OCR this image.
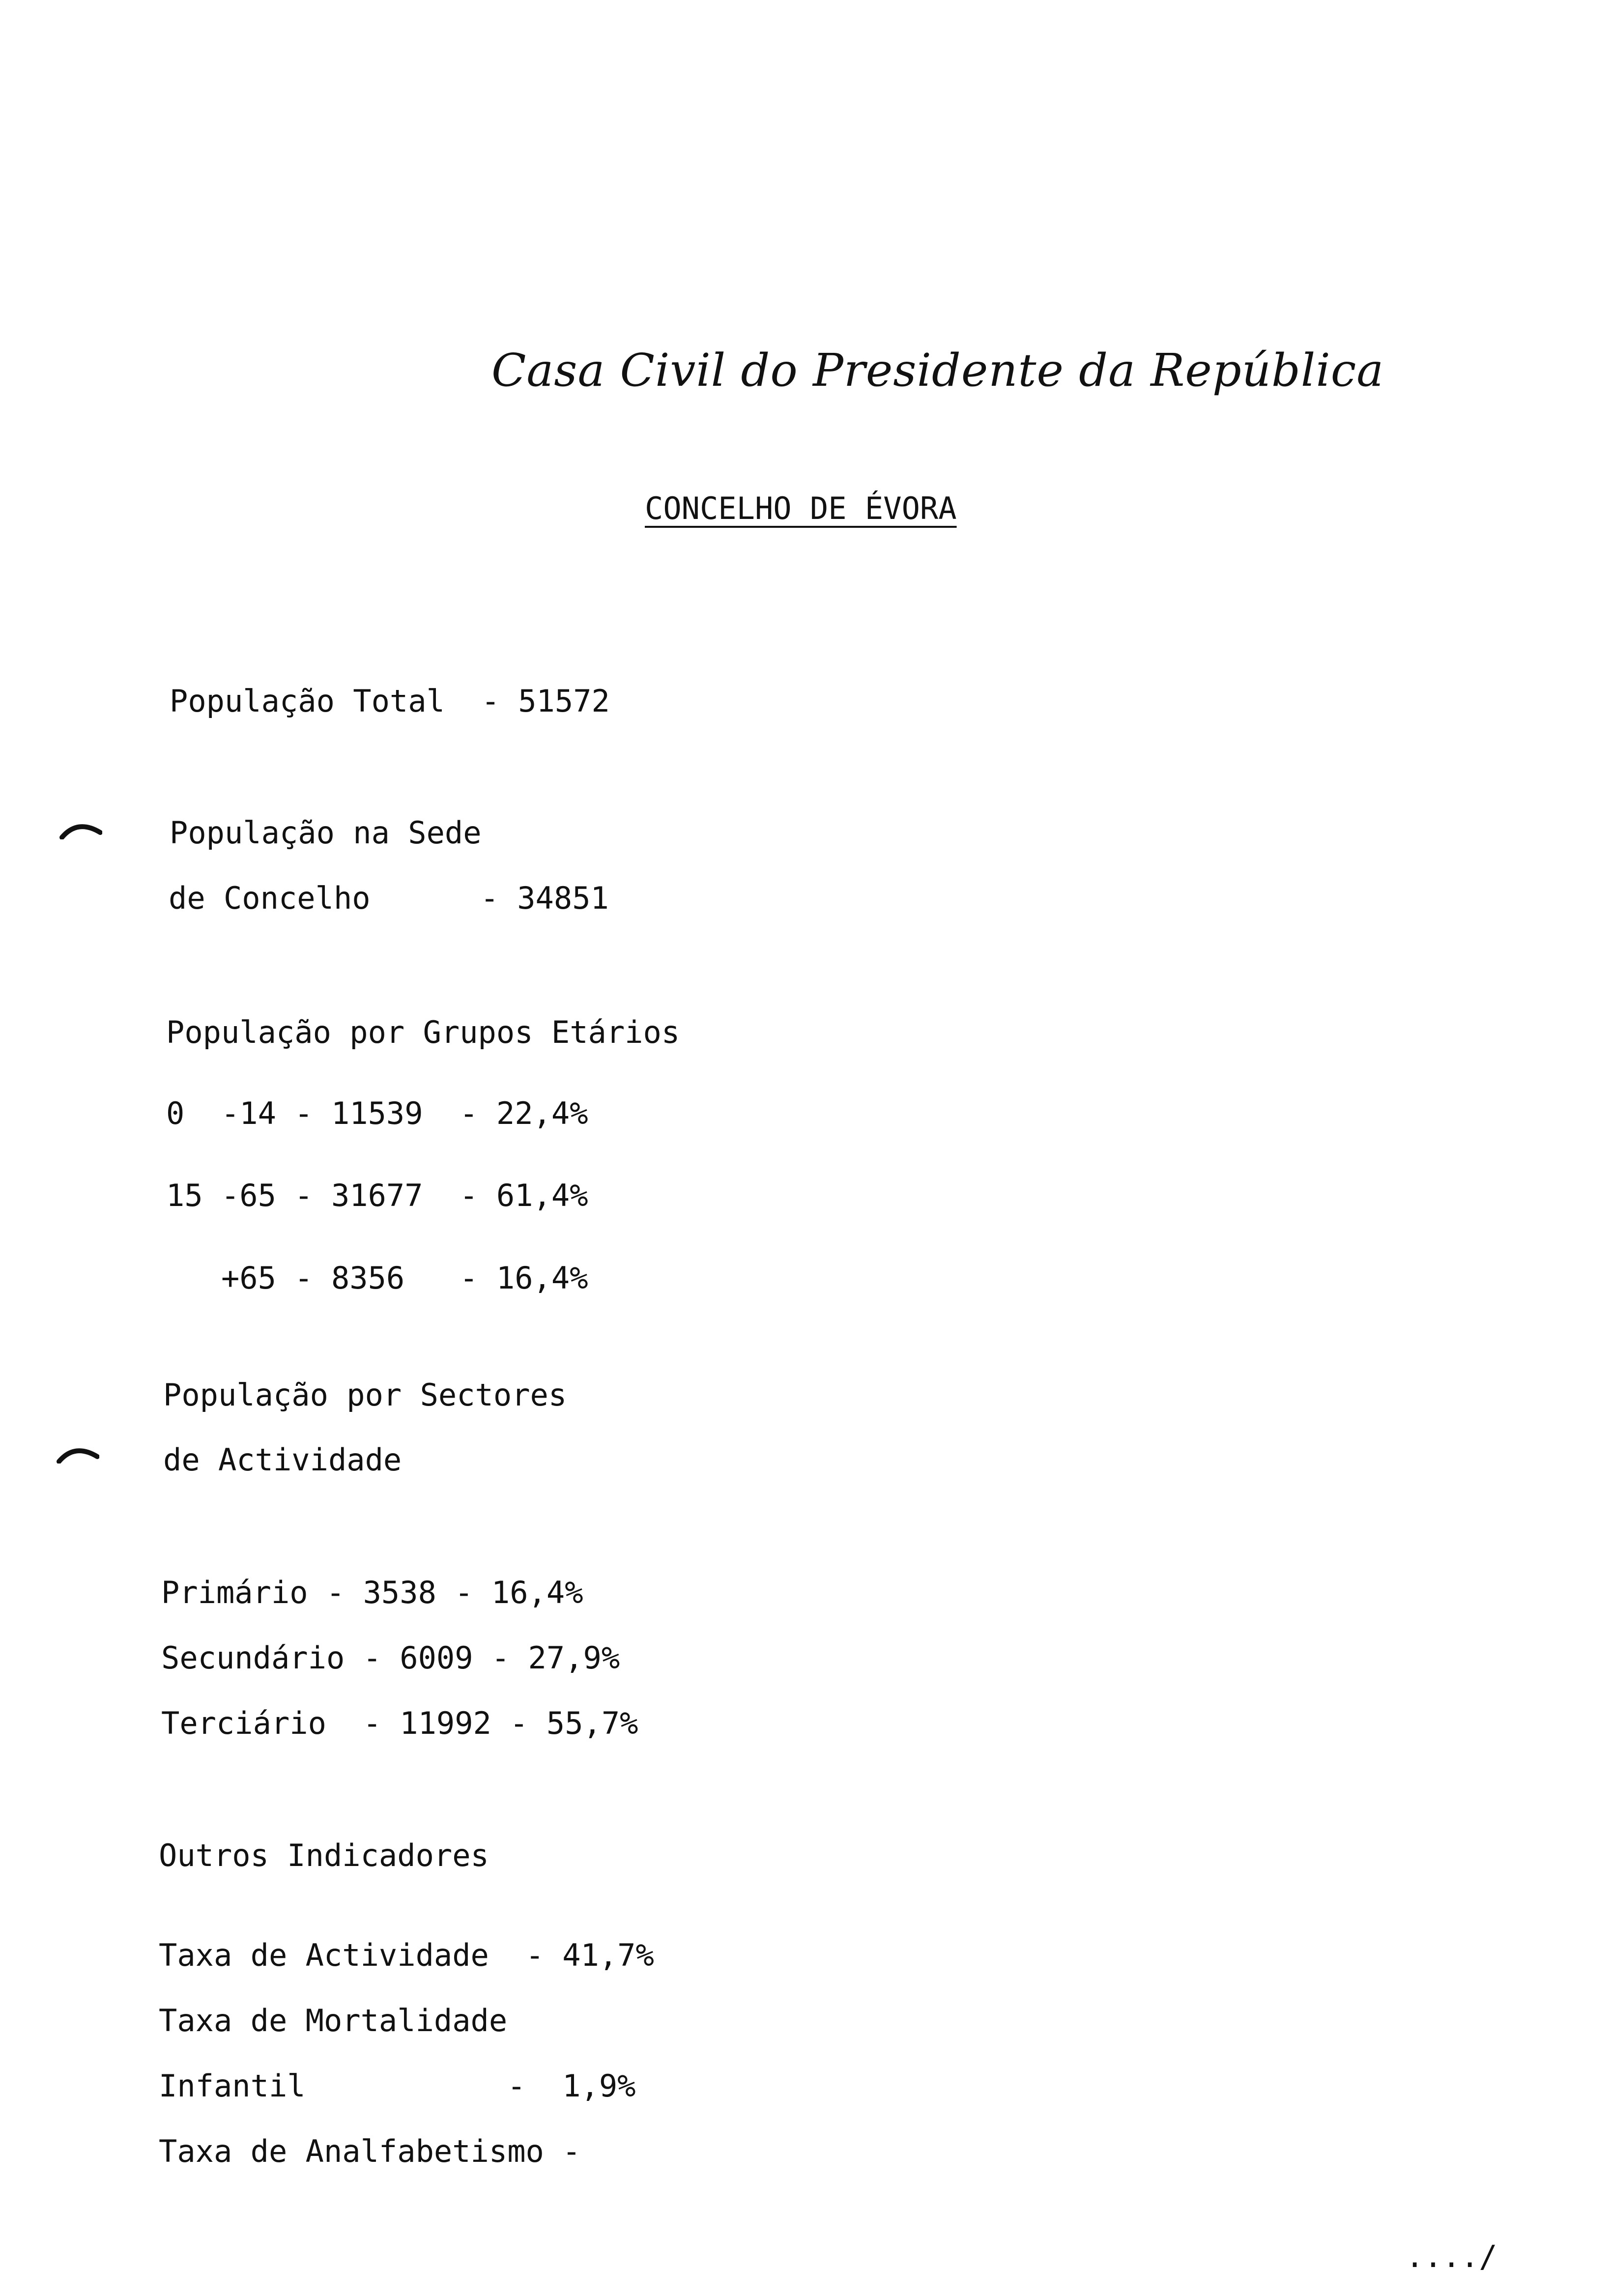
Casa Civil do Presidente da República
CONCELHO DE ÉVORA
População Total  - 51572
População na Sede
de Concelho      - 34851
População por Grupos Etários
0  -14 - 11539  - 22,4%
15 -65 - 31677  - 61,4%
+65 - 8356   - 16,4%
População por Sectores
de Actividade
Primário - 3538 - 16,4%
Secundário - 6009 - 27,9%
Terciário  - 11992 - 55,7%
Outros Indicadores
Taxa de Actividade  - 41,7%
Taxa de Mortalidade
Infantil           -  1,9%
Taxa de Analfabetismo -
..../
